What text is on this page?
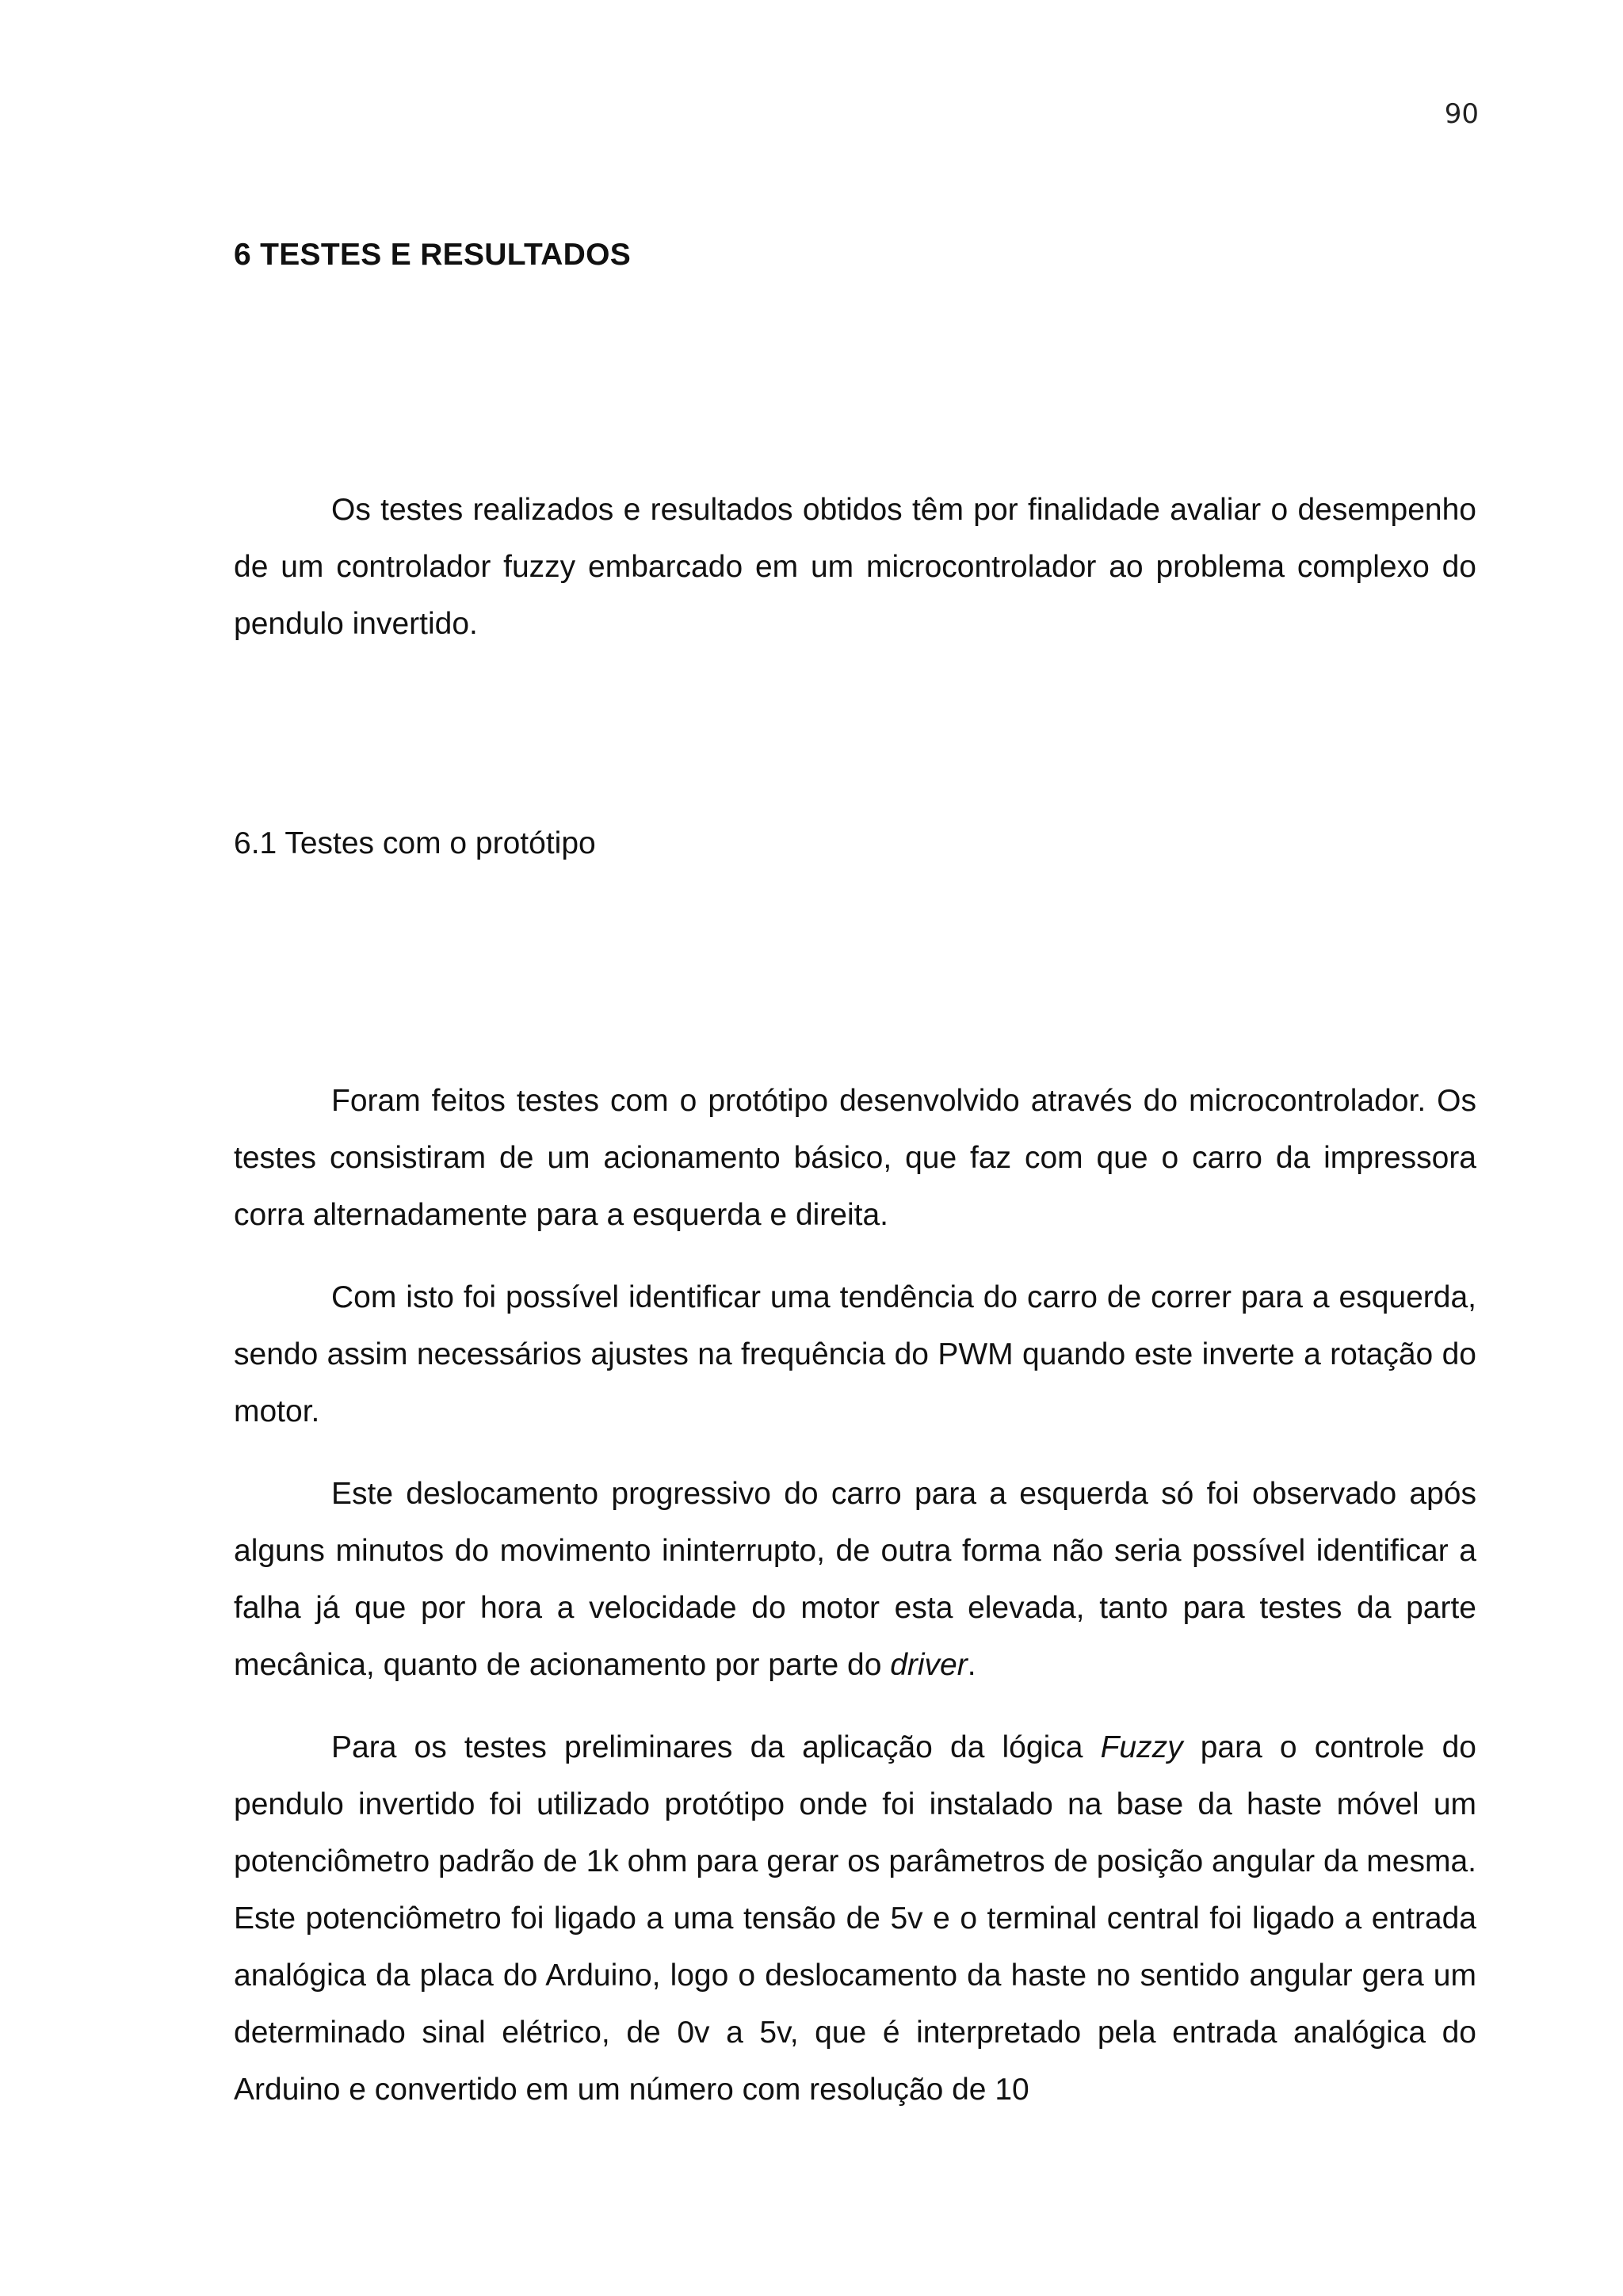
90
6 TESTES E RESULTADOS

Os testes realizados e resultados obtidos têm por finalidade avaliar o desempenho de um controlador fuzzy embarcado em um microcontrolador ao problema complexo do pendulo invertido.

6.1 Testes com o protótipo

Foram feitos testes com o protótipo desenvolvido através do microcontrolador. Os testes consistiram de um acionamento básico, que faz com que o carro da impressora corra alternadamente para a esquerda e direita.

Com isto foi possível identificar uma tendência do carro de correr para a esquerda, sendo assim necessários ajustes na frequência do PWM quando este inverte a rotação do motor.

Este deslocamento progressivo do carro para a esquerda só foi observado após alguns minutos do movimento ininterrupto, de outra forma não seria possível identificar a falha já que por hora a velocidade do motor esta elevada, tanto para testes da parte mecânica, quanto de acionamento por parte do driver.

Para os testes preliminares da aplicação da lógica Fuzzy para o controle do pendulo invertido foi utilizado protótipo onde foi instalado na base da haste móvel um potenciômetro padrão de 1k ohm para gerar os parâmetros de posição angular da mesma. Este potenciômetro foi ligado a uma tensão de 5v e o terminal central foi ligado a entrada analógica da placa do Arduino, logo o deslocamento da haste no sentido angular gera um determinado sinal elétrico, de 0v a 5v, que é interpretado pela entrada analógica do Arduino e convertido em um número com resolução de 10
